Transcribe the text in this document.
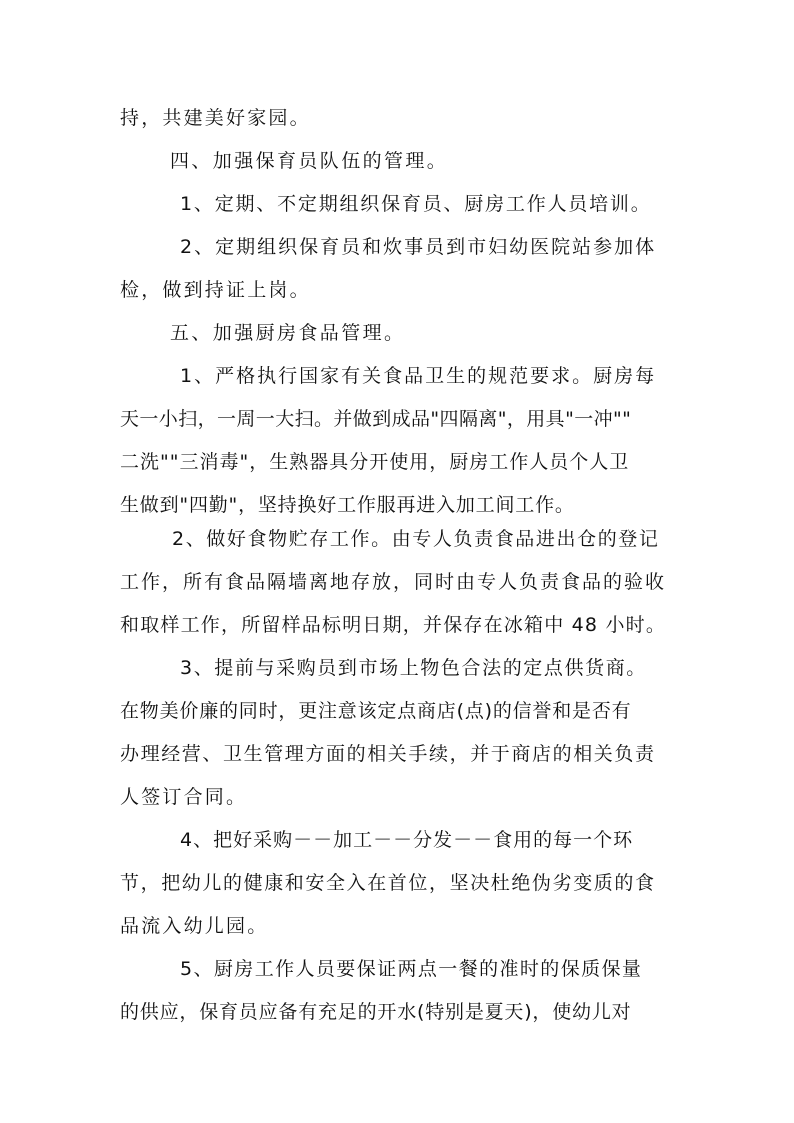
持，共建美好家园。

四、加强保育员队伍的管理。

1、定期、不定期组织保育员、厨房工作人员培训。

2、定期组织保育员和炊事员到市妇幼医院站参加体

检，做到持证上岗。

五、加强厨房食品管理。

1、严格执行国家有关食品卫生的规范要求。厨房每

天一小扫，一周一大扫。并做到成品"四隔离"，用具"一冲""

二洗""三消毒"，生熟器具分开使用，厨房工作人员个人卫

生做到"四勤"，坚持换好工作服再进入加工间工作。

2、做好食物贮存工作。由专人负责食品进出仓的登记

工作，所有食品隔墙离地存放，同时由专人负责食品的验收

和取样工作，所留样品标明日期，并保存在冰箱中 48 小时。

3、提前与采购员到市场上物色合法的定点供货商。

在物美价廉的同时，更注意该定点商店(点)的信誉和是否有

办理经营、卫生管理方面的相关手续，并于商店的相关负责

人签订合同。

4、把好采购－－加工－－分发－－食用的每一个环

节，把幼儿的健康和安全入在首位，坚决杜绝伪劣变质的食

品流入幼儿园。

5、厨房工作人员要保证两点一餐的准时的保质保量

的供应，保育员应备有充足的开水(特别是夏天)，使幼儿对
